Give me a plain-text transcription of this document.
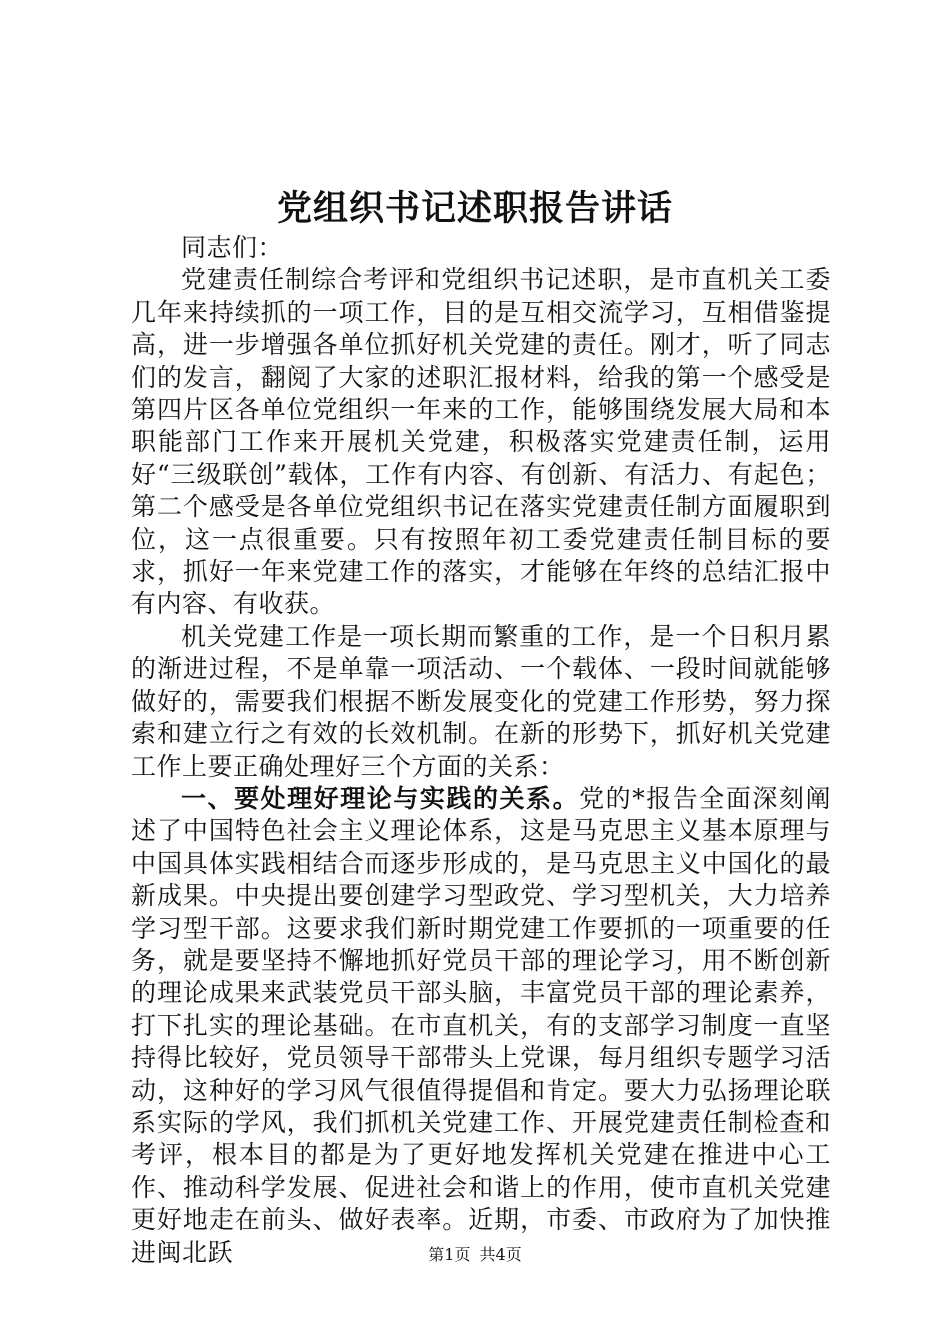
党组织书记述职报告讲话

同志们：

党建责任制综合考评和党组织书记述职，是市直机关工委几年来持续抓的一项工作，目的是互相交流学习，互相借鉴提高，进一步增强各单位抓好机关党建的责任。刚才，听了同志们的发言，翻阅了大家的述职汇报材料，给我的第一个感受是第四片区各单位党组织一年来的工作，能够围绕发展大局和本职能部门工作来开展机关党建，积极落实党建责任制，运用好“三级联创”载体，工作有内容、有创新、有活力、有起色；第二个感受是各单位党组织书记在落实党建责任制方面履职到位，这一点很重要。只有按照年初工委党建责任制目标的要求，抓好一年来党建工作的落实，才能够在年终的总结汇报中有内容、有收获。

机关党建工作是一项长期而繁重的工作，是一个日积月累的渐进过程，不是单靠一项活动、一个载体、一段时间就能够做好的，需要我们根据不断发展变化的党建工作形势，努力探索和建立行之有效的长效机制。在新的形势下，抓好机关党建工作上要正确处理好三个方面的关系：

一、要处理好理论与实践的关系。党的*报告全面深刻阐述了中国特色社会主义理论体系，这是马克思主义基本原理与中国具体实践相结合而逐步形成的，是马克思主义中国化的最新成果。中央提出要创建学习型政党、学习型机关，大力培养学习型干部。这要求我们新时期党建工作要抓的一项重要的任务，就是要坚持不懈地抓好党员干部的理论学习，用不断创新的理论成果来武装党员干部头脑，丰富党员干部的理论素养，打下扎实的理论基础。在市直机关，有的支部学习制度一直坚持得比较好，党员领导干部带头上党课，每月组织专题学习活动，这种好的学习风气很值得提倡和肯定。要大力弘扬理论联系实际的学风，我们抓机关党建工作、开展党建责任制检查和考评，根本目的都是为了更好地发挥机关党建在推进中心工作、推动科学发展、促进社会和谐上的作用，使市直机关党建更好地走在前头、做好表率。近期，市委、市政府为了加快推进闽北跃	第1页 共4页
